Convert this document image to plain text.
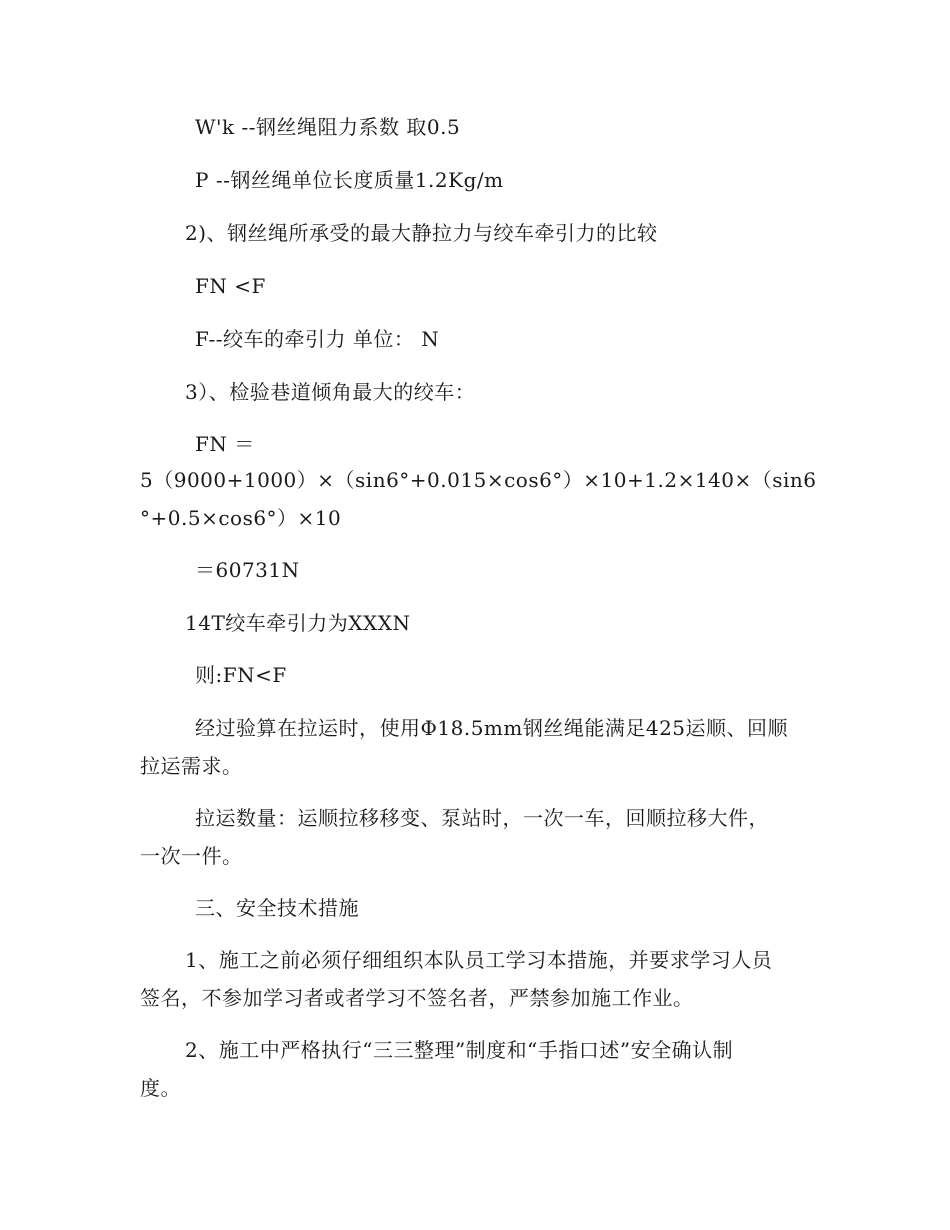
W'k --钢丝绳阻力系数 取0.5
P --钢丝绳单位长度质量1.2Kg/m
2)、钢丝绳所承受的最大静拉力与绞车牵引力的比较
FN <F
F--绞车的牵引力 单位： N
3）、检验巷道倾角最大的绞车：
FN ＝
5（9000+1000）×（sin6°+0.015×cos6°）×10+1.2×140×（sin6
°+0.5×cos6°）×10
＝60731N
14T绞车牵引力为XXXN
则:FN<F
经过验算在拉运时，使用Φ18.5mm钢丝绳能满足425运顺、回顺
拉运需求。
拉运数量：运顺拉移移变、泵站时，一次一车，回顺拉移大件，
一次一件。
三、安全技术措施
1、施工之前必须仔细组织本队员工学习本措施，并要求学习人员
签名，不参加学习者或者学习不签名者，严禁参加施工作业。
2、施工中严格执行“三三整理”制度和“手指口述”安全确认制
度。
